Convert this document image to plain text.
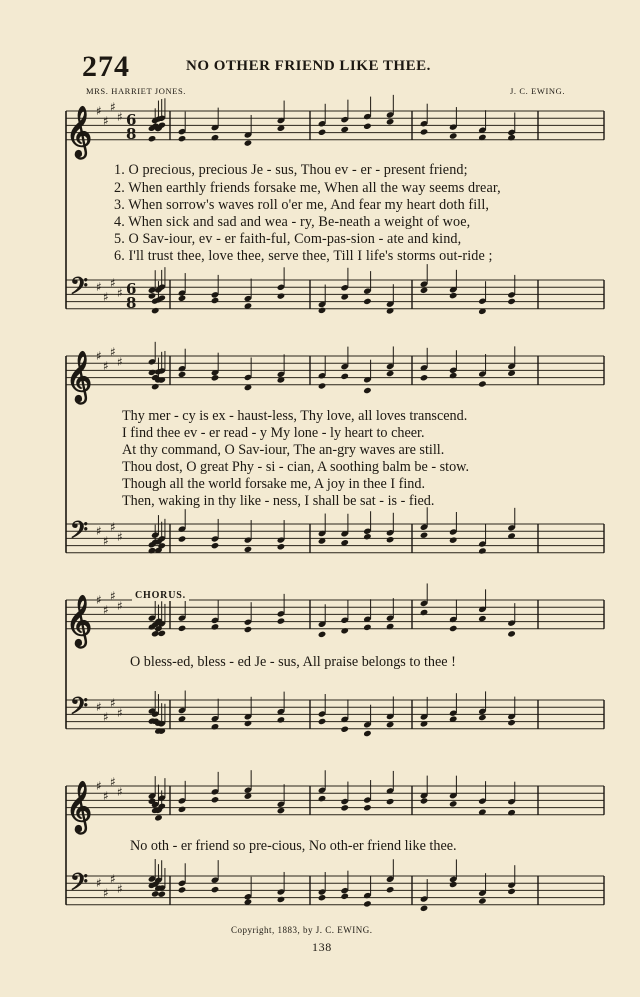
𝄞 ♯
♯
♯
♯
𝄢 ♯
♯
♯
♯
6
8
6
8
𝄞 ♯
♯
♯
♯
𝄢 ♯
♯
♯
♯
𝄞 ♯
♯
♯
♯
𝄢 ♯
♯
♯
♯
𝄞 ♯
♯
♯
♯
𝄢 ♯
♯
♯
♯
274	NO OTHER FRIEND LIKE THEE.
MRS. HARRIET JONES.	J. C. EWING.
1. O precious, precious Je - sus, Thou ev - er - present friend;
2. When earthly friends forsake me, When all the way seems drear,
3. When sorrow's waves roll o'er me, And fear my heart doth fill,
4. When sick and sad and wea - ry, Be-neath a weight of woe,
5. O Sav-iour, ev - er faith-ful, Com-pas-sion - ate and kind,
6. I'll trust thee, love thee, serve thee, Till I life's storms out-ride ;
Thy mer - cy is ex - haust-less, Thy love, all loves transcend.
I find thee ev - er read - y My lone - ly heart to cheer.
At thy command, O Sav-iour, The an-gry waves are still.
Thou dost, O great Phy - si - cian, A soothing balm be - stow.
Though all the world forsake me, A joy in thee I find.
Then, waking in thy like - ness, I shall be sat - is - fied.
CHORUS.
O bless-ed, bless - ed Je - sus, All praise belongs to thee !
No oth - er friend so pre-cious, No oth-er friend like thee.
Copyright, 1883, by J. C. EWING.
138
